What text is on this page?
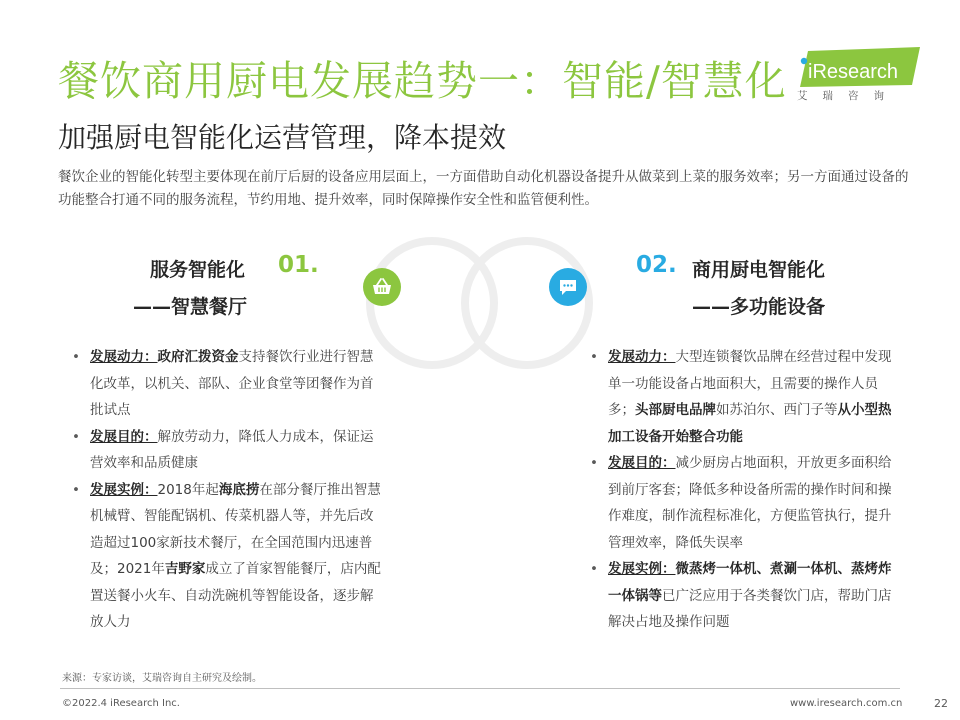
餐饮商用厨电发展趋势一：智能/智慧化 iResearch
艾瑞咨询
加强厨电智能化运营管理，降本提效
餐饮企业的智能化转型主要体现在前厅后厨的设备应用层面上，一方面借助自动化机器设备提升从做菜到上菜的服务效率；另一方面通过设备的功能整合打通不同的服务流程，节约用地、提升效率，同时保障操作安全性和监管便利性。
服务智能化 01.
——智慧餐厅
02. 商用厨电智能化
——多功能设备
• 发展动力：政府汇拨资金支持餐饮行业进行智慧化改革，以机关、部队、企业食堂等团餐作为首批试点
• 发展目的：解放劳动力，降低人力成本，保证运营效率和品质健康
• 发展实例：2018年起海底捞在部分餐厅推出智慧机械臂、智能配锅机、传菜机器人等，并先后改造超过100家新技术餐厅，在全国范围内迅速普及；2021年吉野家成立了首家智能餐厅，店内配置送餐小火车、自动洗碗机等智能设备，逐步解放人力
• 发展动力：大型连锁餐饮品牌在经营过程中发现单一功能设备占地面积大，且需要的操作人员多；头部厨电品牌如苏泊尔、西门子等从小型热加工设备开始整合功能
• 发展目的：减少厨房占地面积，开放更多面积给到前厅客套；降低多种设备所需的操作时间和操作难度，制作流程标准化，方便监管执行，提升管理效率，降低失误率
• 发展实例：微蒸烤一体机、煮涮一体机、蒸烤炸一体锅等已广泛应用于各类餐饮门店，帮助门店解决占地及操作问题
来源：专家访谈，艾瑞咨询自主研究及绘制。
©2022.4 iResearch Inc.	www.iresearch.com.cn	22
